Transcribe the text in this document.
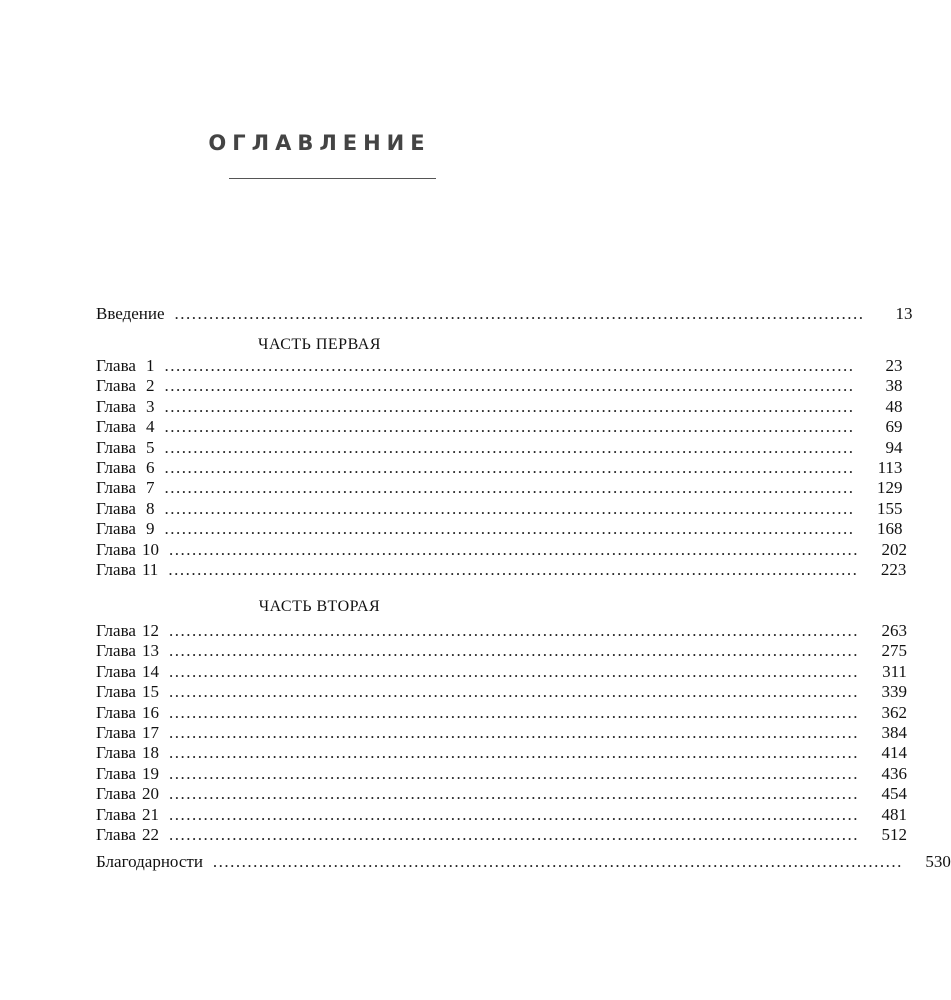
ОГЛАВЛЕНИЕ
Введение ........................................................................................................................	13
ЧАСТЬ ПЕРВАЯ
Глава 1 ........................................................................................................................	23
Глава 2 ........................................................................................................................	38
Глава 3 ........................................................................................................................	48
Глава 4 ........................................................................................................................	69
Глава 5 ........................................................................................................................	94
Глава 6 ........................................................................................................................	113
Глава 7 ........................................................................................................................	129
Глава 8 ........................................................................................................................	155
Глава 9 ........................................................................................................................	168
Глава 10 ........................................................................................................................	202
Глава 11 ........................................................................................................................	223
ЧАСТЬ ВТОРАЯ
Глава 12 ........................................................................................................................	263
Глава 13 ........................................................................................................................	275
Глава 14 ........................................................................................................................	311
Глава 15 ........................................................................................................................	339
Глава 16 ........................................................................................................................	362
Глава 17 ........................................................................................................................	384
Глава 18 ........................................................................................................................	414
Глава 19 ........................................................................................................................	436
Глава 20 ........................................................................................................................	454
Глава 21 ........................................................................................................................	481
Глава 22 ........................................................................................................................	512
Благодарности ........................................................................................................................	530
